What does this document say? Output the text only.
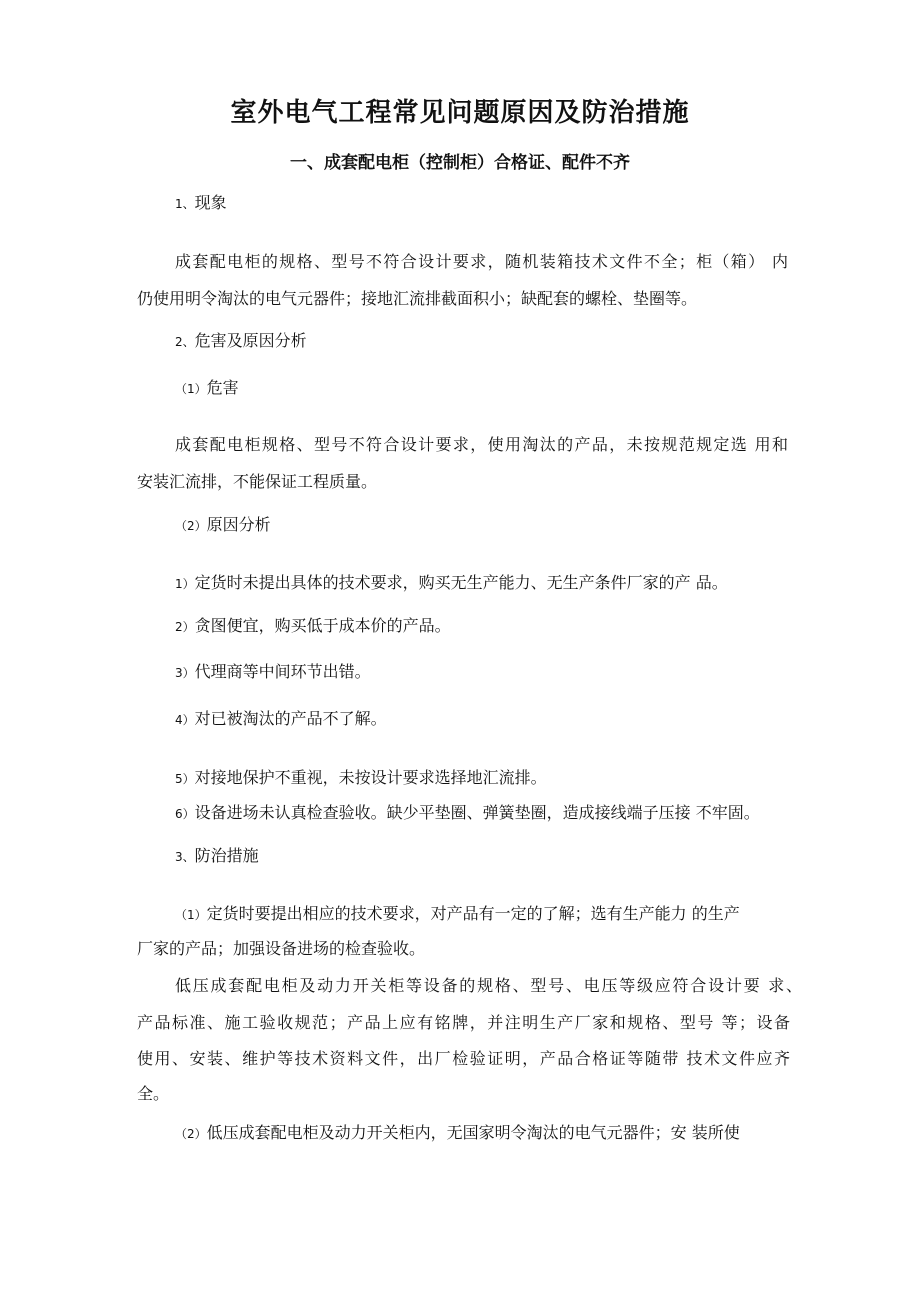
室外电气工程常见问题原因及防治措施
一、成套配电柜（控制柜）合格证、配件不齐
1、现象
成套配电柜的规格、型号不符合设计要求，随机装箱技术文件不全；柜（箱） 内
仍使用明令淘汰的电气元器件；接地汇流排截面积小；缺配套的螺栓、垫圈等。
2、危害及原因分析
（1）危害
成套配电柜规格、型号不符合设计要求，使用淘汰的产品，未按规范规定选 用和
安装汇流排，不能保证工程质量。
（2）原因分析
1）定货时未提出具体的技术要求，购买无生产能力、无生产条件厂家的产 品。
2）贪图便宜，购买低于成本价的产品。
3）代理商等中间环节出错。
4）对已被淘汰的产品不了解。
5）对接地保护不重视，未按设计要求选择地汇流排。
6）设备进场未认真检查验收。缺少平垫圈、弹簧垫圈，造成接线端子压接 不牢固。
3、防治措施
（1）定货时要提出相应的技术要求，对产品有一定的了解；选有生产能力 的生产
厂家的产品；加强设备进场的检查验收。
低压成套配电柜及动力开关柜等设备的规格、型号、电压等级应符合设计要 求、
产品标准、施工验收规范；产品上应有铭牌，并注明生产厂家和规格、型号 等；设备
使用、安装、维护等技术资料文件，出厂检验证明，产品合格证等随带 技术文件应齐
全。
（2）低压成套配电柜及动力开关柜内，无国家明令淘汰的电气元器件；安 装所使
